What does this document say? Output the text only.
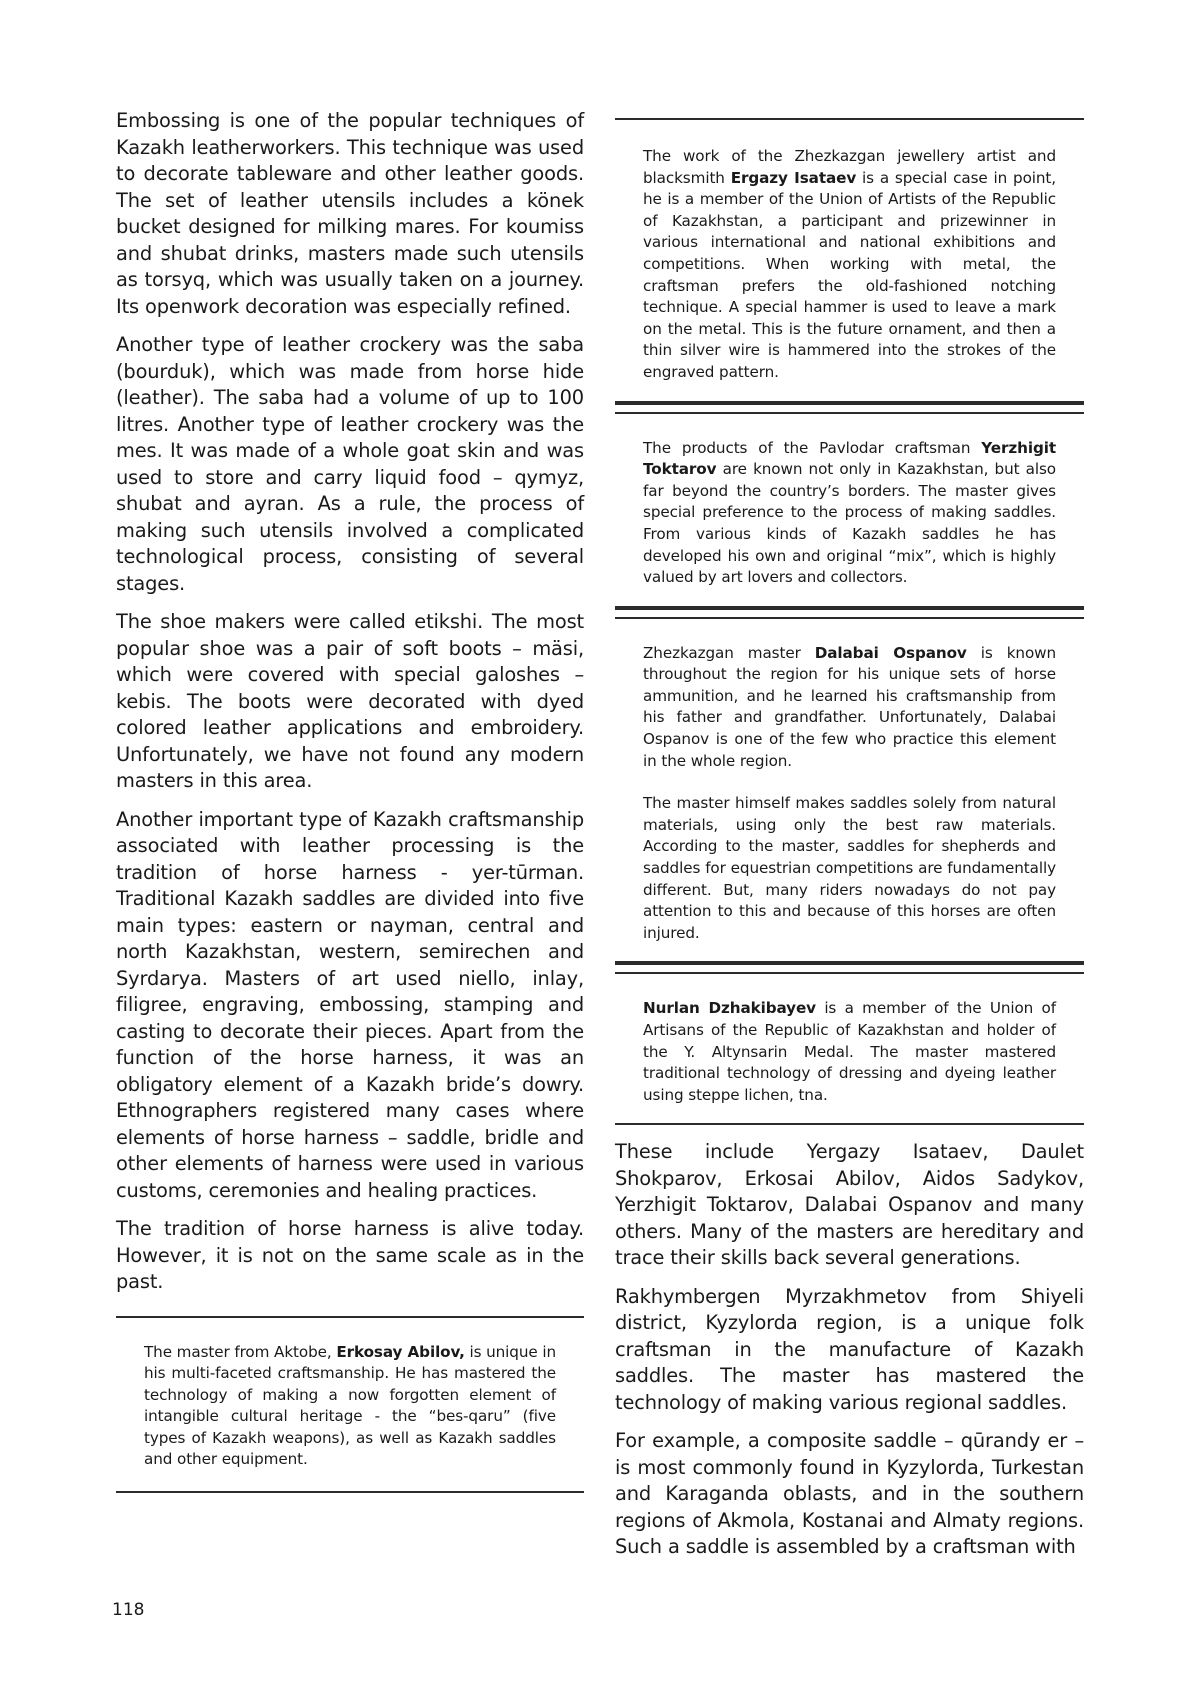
Embossing is one of the popular techniques of Kazakh leatherworkers. This technique was used to decorate tableware and other leather goods. The set of leather utensils includes a könek bucket designed for milking mares. For koumiss and shubat drinks, masters made such utensils as torsyq, which was usually taken on a journey. Its openwork decoration was especially refined.

Another type of leather crockery was the saba (bourduk), which was made from horse hide (leather). The saba had a volume of up to 100 litres. Another type of leather crockery was the mes. It was made of a whole goat skin and was used to store and carry liquid food – qymyz, shubat and ayran. As a rule, the process of making such utensils involved a complicated technological process, consisting of several stages.

The shoe makers were called etikshi. The most popular shoe was a pair of soft boots – mäsi, which were covered with special galoshes – kebis. The boots were decorated with dyed colored leather applications and embroidery. Unfortunately, we have not found any modern masters in this area.

Another important type of Kazakh craftsmanship associated with leather processing is the tradition of horse harness - yer-tūrman. Traditional Kazakh saddles are divided into five main types: eastern or nayman, central and north Kazakhstan, western, semirechen and Syrdarya. Masters of art used niello, inlay, filigree, engraving, embossing, stamping and casting to decorate their pieces. Apart from the function of the horse harness, it was an obligatory element of a Kazakh bride’s dowry. Ethnographers registered many cases where elements of horse harness – saddle, bridle and other elements of harness were used in various customs, ceremonies and healing practices.

The tradition of horse harness is alive today. However, it is not on the same scale as in the past.

The master from Aktobe, Erkosay Abilov, is unique in his multi-faceted craftsmanship. He has mastered the technology of making a now forgotten element of intangible cultural heritage - the “bes-qaru” (five types of Kazakh weapons), as well as Kazakh saddles and other equipment.

The work of the Zhezkazgan jewellery artist and blacksmith Ergazy Isataev is a special case in point, he is a member of the Union of Artists of the Republic of Kazakhstan, a participant and prizewinner in various international and national exhibitions and competitions. When working with metal, the craftsman prefers the old-fashioned notching technique. A special hammer is used to leave a mark on the metal. This is the future ornament, and then a thin silver wire is hammered into the strokes of the engraved pattern.

The products of the Pavlodar craftsman Yerzhigit Toktarov are known not only in Kazakhstan, but also far beyond the country’s borders. The master gives special preference to the process of making saddles. From various kinds of Kazakh saddles he has developed his own and original “mix”, which is highly valued by art lovers and collectors.

Zhezkazgan master Dalabai Ospanov is known throughout the region for his unique sets of horse ammunition, and he learned his craftsmanship from his father and grandfather. Unfortunately, Dalabai Ospanov is one of the few who practice this element in the whole region.

The master himself makes saddles solely from natural materials, using only the best raw materials. According to the master, saddles for shepherds and saddles for equestrian competitions are fundamentally different. But, many riders nowadays do not pay attention to this and because of this horses are often injured.

Nurlan Dzhakibayev is a member of the Union of Artisans of the Republic of Kazakhstan and holder of the Y. Altynsarin Medal. The master mastered traditional technology of dressing and dyeing leather using steppe lichen, tna.

These include Yergazy Isataev, Daulet Shokparov, Erkosai Abilov, Aidos Sadykov, Yerzhigit Toktarov, Dalabai Ospanov and many others. Many of the masters are hereditary and trace their skills back several generations.

Rakhymbergen Myrzakhmetov from Shiyeli district, Kyzylorda region, is a unique folk craftsman in the manufacture of Kazakh saddles. The master has mastered the technology of making various regional saddles.

For example, a composite saddle – qūrandy er – is most commonly found in Kyzylorda, Turkestan and Karaganda oblasts, and in the southern regions of Akmola, Kostanai and Almaty regions. Such a saddle is assembled by a craftsman with

118
